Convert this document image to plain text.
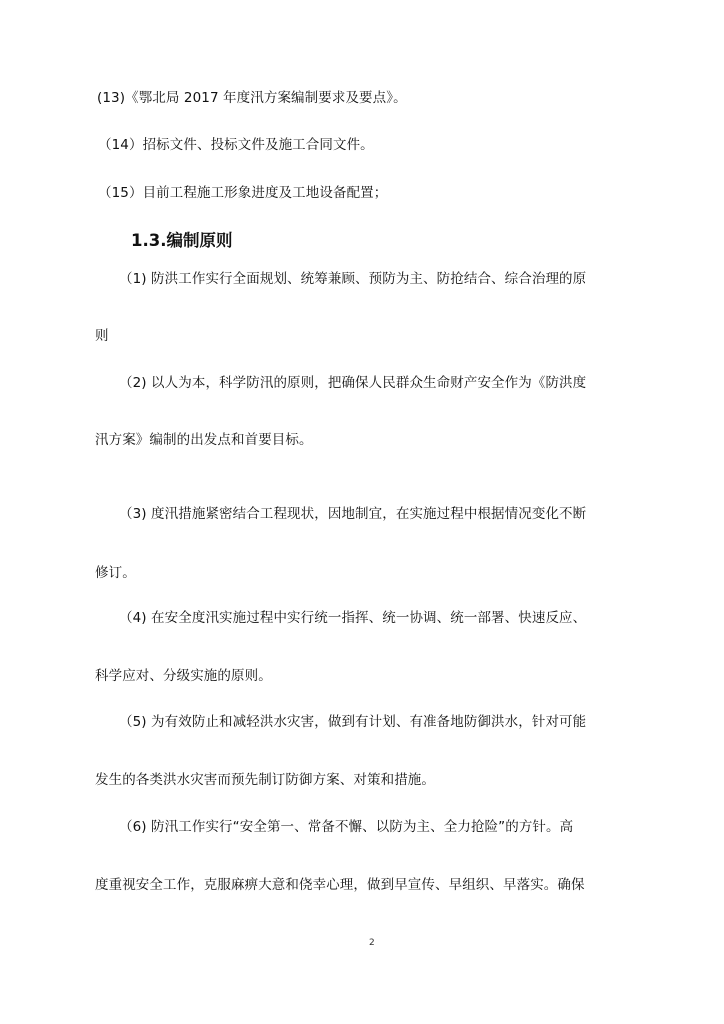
(13)《鄂北局 2017 年度汛方案编制要求及要点》。
（14）招标文件、投标文件及施工合同文件。
（15）目前工程施工形象进度及工地设备配置；
1.3.编制原则
（1) 防洪工作实行全面规划、统筹兼顾、预防为主、防抢结合、综合治理的原
则
（2) 以人为本，科学防汛的原则，把确保人民群众生命财产安全作为《防洪度
汛方案》编制的出发点和首要目标。
（3) 度汛措施紧密结合工程现状，因地制宜，在实施过程中根据情况变化不断
修订。
（4) 在安全度汛实施过程中实行统一指挥、统一协调、统一部署、快速反应、
科学应对、分级实施的原则。
（5) 为有效防止和减轻洪水灾害，做到有计划、有准备地防御洪水，针对可能
发生的各类洪水灾害而预先制订防御方案、对策和措施。
（6) 防汛工作实行“安全第一、常备不懈、以防为主、全力抢险”的方针。高
度重视安全工作，克服麻痹大意和侥幸心理，做到早宣传、早组织、早落实。确保
2
